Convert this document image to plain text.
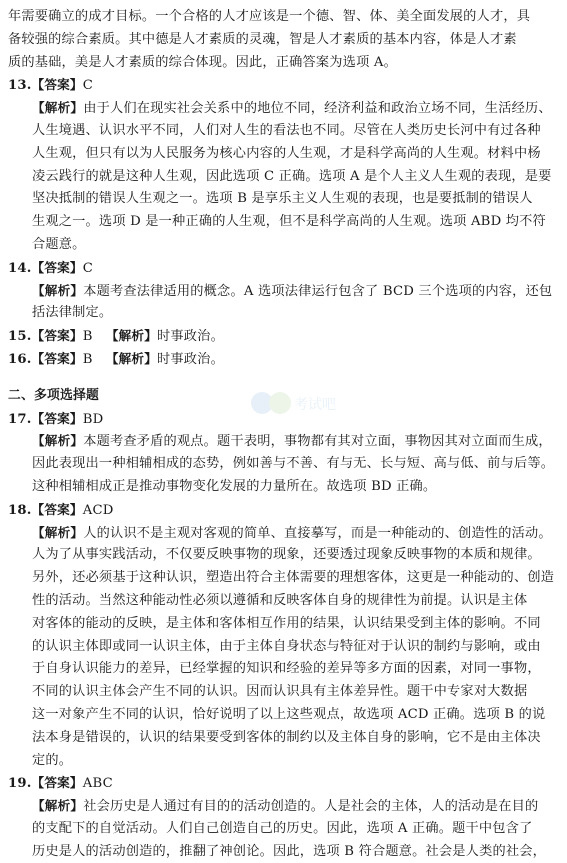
年需要确立的成才目标。一个合格的人才应该是一个德、智、体、美全面发展的人才，具
备较强的综合素质。其中德是人才素质的灵魂，智是人才素质的基本内容，体是人才素
质的基础，美是人才素质的综合体现。因此，正确答案为选项 A。
13.【答案】C
【解析】由于人们在现实社会关系中的地位不同，经济利益和政治立场不同，生活经历、
人生境遇、认识水平不同，人们对人生的看法也不同。尽管在人类历史长河中有过各种
人生观，但只有以为人民服务为核心内容的人生观，才是科学高尚的人生观。材料中杨
凌云践行的就是这种人生观，因此选项 C 正确。选项 A 是个人主义人生观的表现，是要
坚决抵制的错误人生观之一。选项 B 是享乐主义人生观的表现，也是要抵制的错误人
生观之一。选项 D 是一种正确的人生观，但不是科学高尚的人生观。选项 ABD 均不符
合题意。
14.【答案】C
【解析】本题考查法律适用的概念。A 选项法律运行包含了 BCD 三个选项的内容，还包
括法律制定。
15.【答案】B 【解析】时事政治。
16.【答案】B 【解析】时事政治。
二、多项选择题
17.【答案】BD
【解析】本题考查矛盾的观点。题干表明，事物都有其对立面，事物因其对立面而生成，
因此表现出一种相辅相成的态势，例如善与不善、有与无、长与短、高与低、前与后等。
这种相辅相成正是推动事物变化发展的力量所在。故选项 BD 正确。
18.【答案】ACD
【解析】人的认识不是主观对客观的简单、直接摹写，而是一种能动的、创造性的活动。
人为了从事实践活动，不仅要反映事物的现象，还要透过现象反映事物的本质和规律。
另外，还必须基于这种认识，塑造出符合主体需要的理想客体，这更是一种能动的、创造
性的活动。当然这种能动性必须以遵循和反映客体自身的规律性为前提。认识是主体
对客体的能动的反映，是主体和客体相互作用的结果，认识结果受到主体的影响。不同
的认识主体即或同一认识主体，由于主体自身状态与特征对于认识的制约与影响，或由
于自身认识能力的差异，已经掌握的知识和经验的差异等多方面的因素，对同一事物，
不同的认识主体会产生不同的认识。因而认识具有主体差异性。题干中专家对大数据
这一对象产生不同的认识，恰好说明了以上这些观点，故选项 ACD 正确。选项 B 的说
法本身是错误的，认识的结果要受到客体的制约以及主体自身的影响，它不是由主体决
定的。
19.【答案】ABC
【解析】社会历史是人通过有目的的活动创造的。人是社会的主体，人的活动是在目的
的支配下的自觉活动。人们自己创造自己的历史。因此，选项 A 正确。题干中包含了
历史是人的活动创造的，推翻了神创论。因此，选项 B 符合题意。社会是人类的社会，
考试吧
